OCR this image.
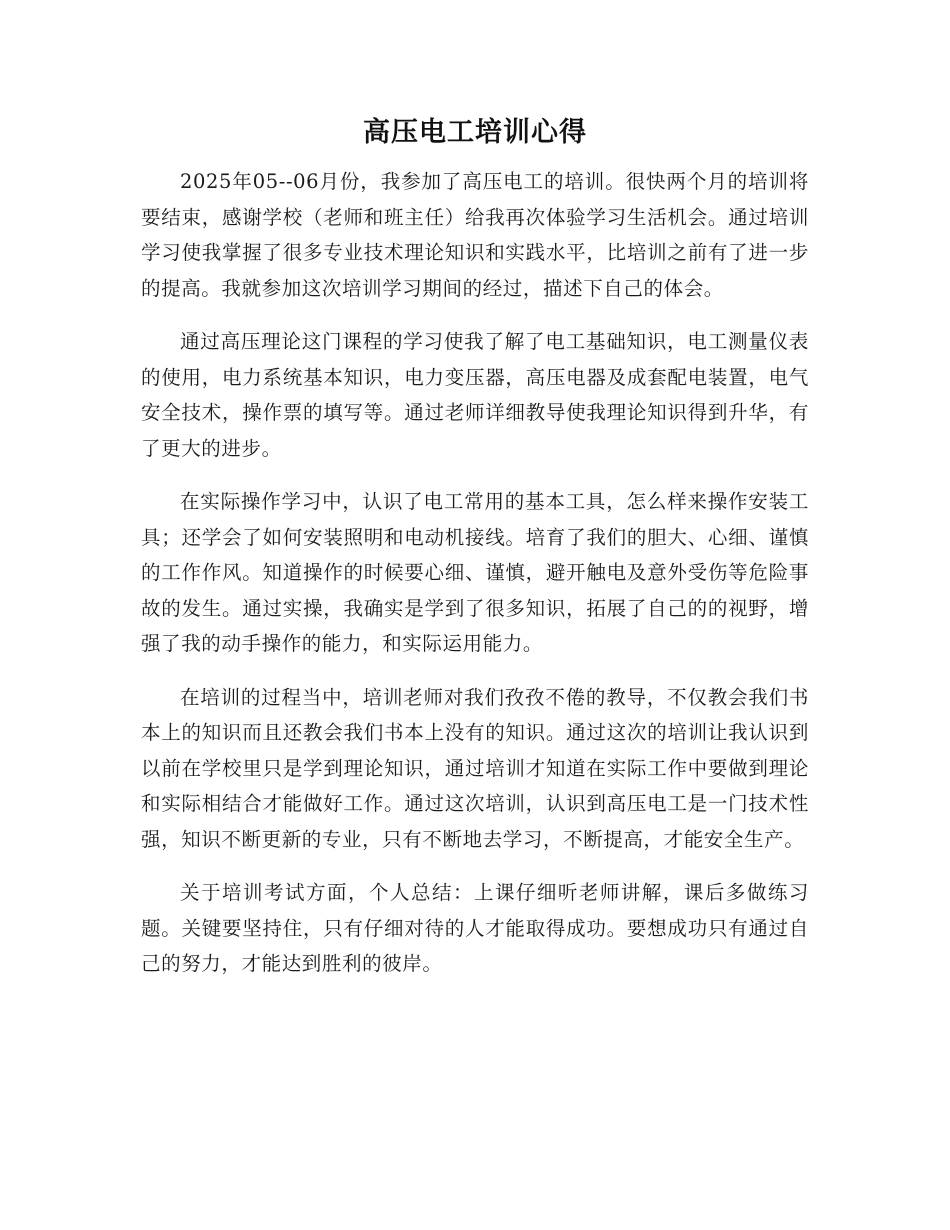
高压电工培训心得

2025年05--06月份，我参加了高压电工的培训。很快两个月的培训将要结束，感谢学校（老师和班主任）给我再次体验学习生活机会。通过培训学习使我掌握了很多专业技术理论知识和实践水平，比培训之前有了进一步的提高。我就参加这次培训学习期间的经过，描述下自己的体会。

通过高压理论这门课程的学习使我了解了电工基础知识，电工测量仪表的使用，电力系统基本知识，电力变压器，高压电器及成套配电装置，电气安全技术，操作票的填写等。通过老师详细教导使我理论知识得到升华，有了更大的进步。

在实际操作学习中，认识了电工常用的基本工具，怎么样来操作安装工具；还学会了如何安装照明和电动机接线。培育了我们的胆大、心细、谨慎的工作作风。知道操作的时候要心细、谨慎，避开触电及意外受伤等危险事故的发生。通过实操，我确实是学到了很多知识，拓展了自己的的视野，增强了我的动手操作的能力，和实际运用能力。

在培训的过程当中，培训老师对我们孜孜不倦的教导，不仅教会我们书本上的知识而且还教会我们书本上没有的知识。通过这次的培训让我认识到以前在学校里只是学到理论知识，通过培训才知道在实际工作中要做到理论和实际相结合才能做好工作。通过这次培训，认识到高压电工是一门技术性强，知识不断更新的专业，只有不断地去学习，不断提高，才能安全生产。

关于培训考试方面，个人总结：上课仔细听老师讲解，课后多做练习题。关键要坚持住，只有仔细对待的人才能取得成功。要想成功只有通过自己的努力，才能达到胜利的彼岸。
